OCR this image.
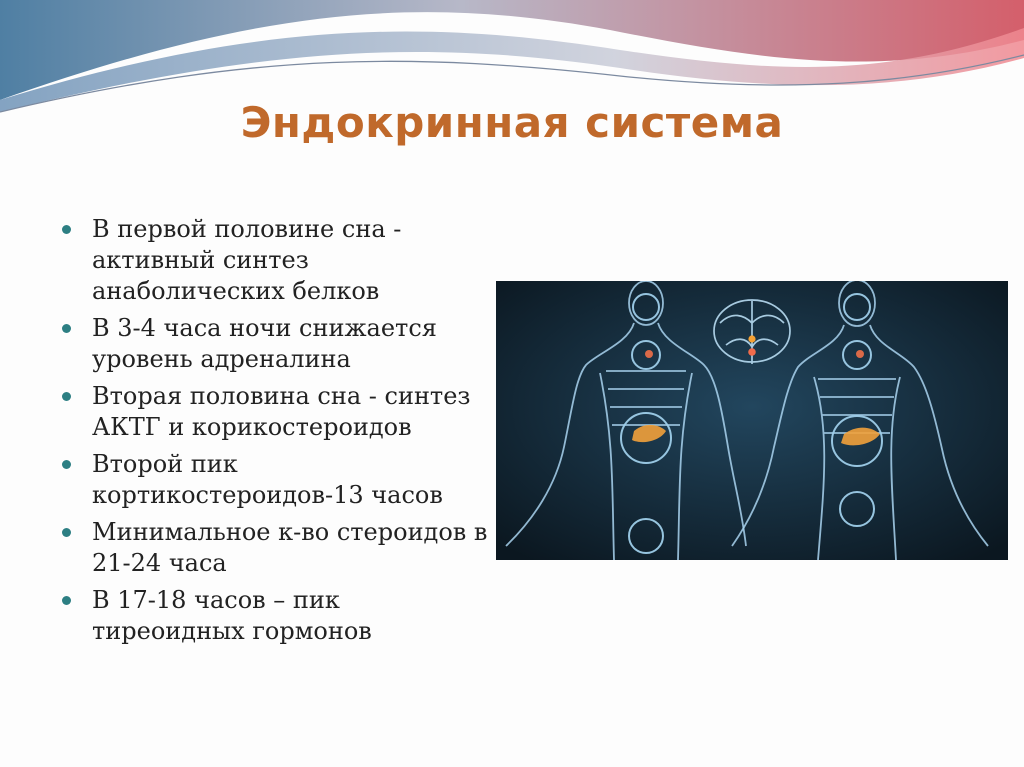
Эндокринная система
В первой половине сна - активный синтез анаболических белков
В 3-4 часа ночи снижается уровень адреналина
Вторая половина сна - синтез АКТГ и корикостероидов
Второй пик кортикостероидов-13 часов
Минимальное к-во стероидов в 21-24 часа
В 17-18 часов – пик тиреоидных гормонов
